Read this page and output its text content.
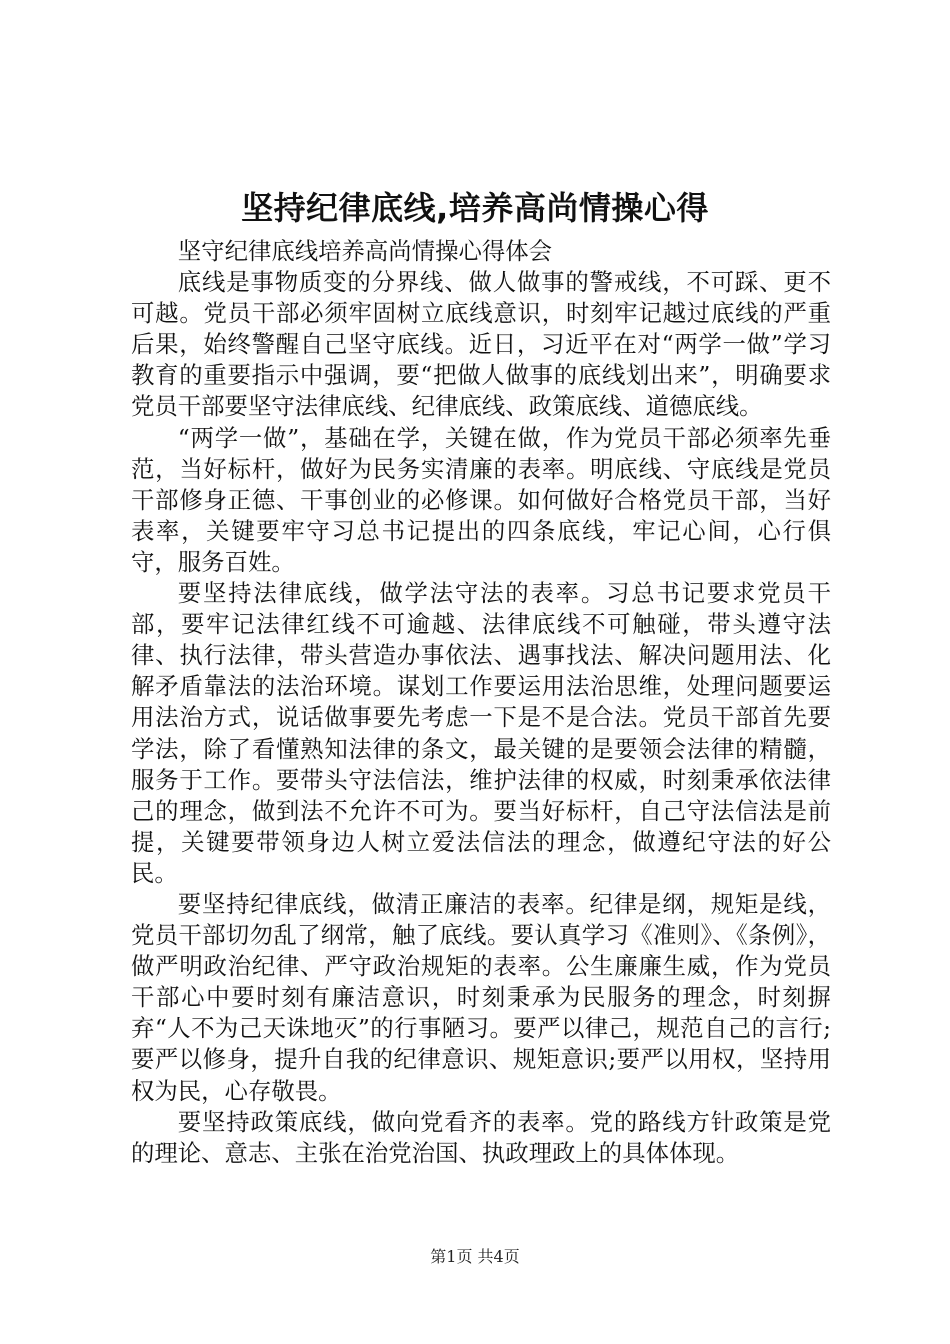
坚持纪律底线,培养高尚情操心得

坚守纪律底线培养高尚情操心得体会

底线是事物质变的分界线、做人做事的警戒线，不可踩、更不可越。党员干部必须牢固树立底线意识，时刻牢记越过底线的严重后果，始终警醒自己坚守底线。近日，习近平在对“两学一做”学习教育的重要指示中强调，要“把做人做事的底线划出来”，明确要求党员干部要坚守法律底线、纪律底线、政策底线、道德底线。

“两学一做”，基础在学，关键在做，作为党员干部必须率先垂范，当好标杆，做好为民务实清廉的表率。明底线、守底线是党员干部修身正德、干事创业的必修课。如何做好合格党员干部，当好表率，关键要牢守习总书记提出的四条底线，牢记心间，心行俱守，服务百姓。

要坚持法律底线，做学法守法的表率。习总书记要求党员干部，要牢记法律红线不可逾越、法律底线不可触碰，带头遵守法律、执行法律，带头营造办事依法、遇事找法、解决问题用法、化解矛盾靠法的法治环境。谋划工作要运用法治思维，处理问题要运用法治方式，说话做事要先考虑一下是不是合法。党员干部首先要学法，除了看懂熟知法律的条文，最关键的是要领会法律的精髓，服务于工作。要带头守法信法，维护法律的权威，时刻秉承依法律己的理念，做到法不允许不可为。要当好标杆，自己守法信法是前提，关键要带领身边人树立爱法信法的理念，做遵纪守法的好公民。

要坚持纪律底线，做清正廉洁的表率。纪律是纲，规矩是线，党员干部切勿乱了纲常，触了底线。要认真学习《准则》、《条例》，做严明政治纪律、严守政治规矩的表率。公生廉廉生威，作为党员干部心中要时刻有廉洁意识，时刻秉承为民服务的理念，时刻摒弃“人不为己天诛地灭”的行事陋习。要严以律己，规范自己的言行;要严以修身，提升自我的纪律意识、规矩意识;要严以用权，坚持用权为民，心存敬畏。

要坚持政策底线，做向党看齐的表率。党的路线方针政策是党的理论、意志、主张在治党治国、执政理政上的具体体现。

第1页 共4页
